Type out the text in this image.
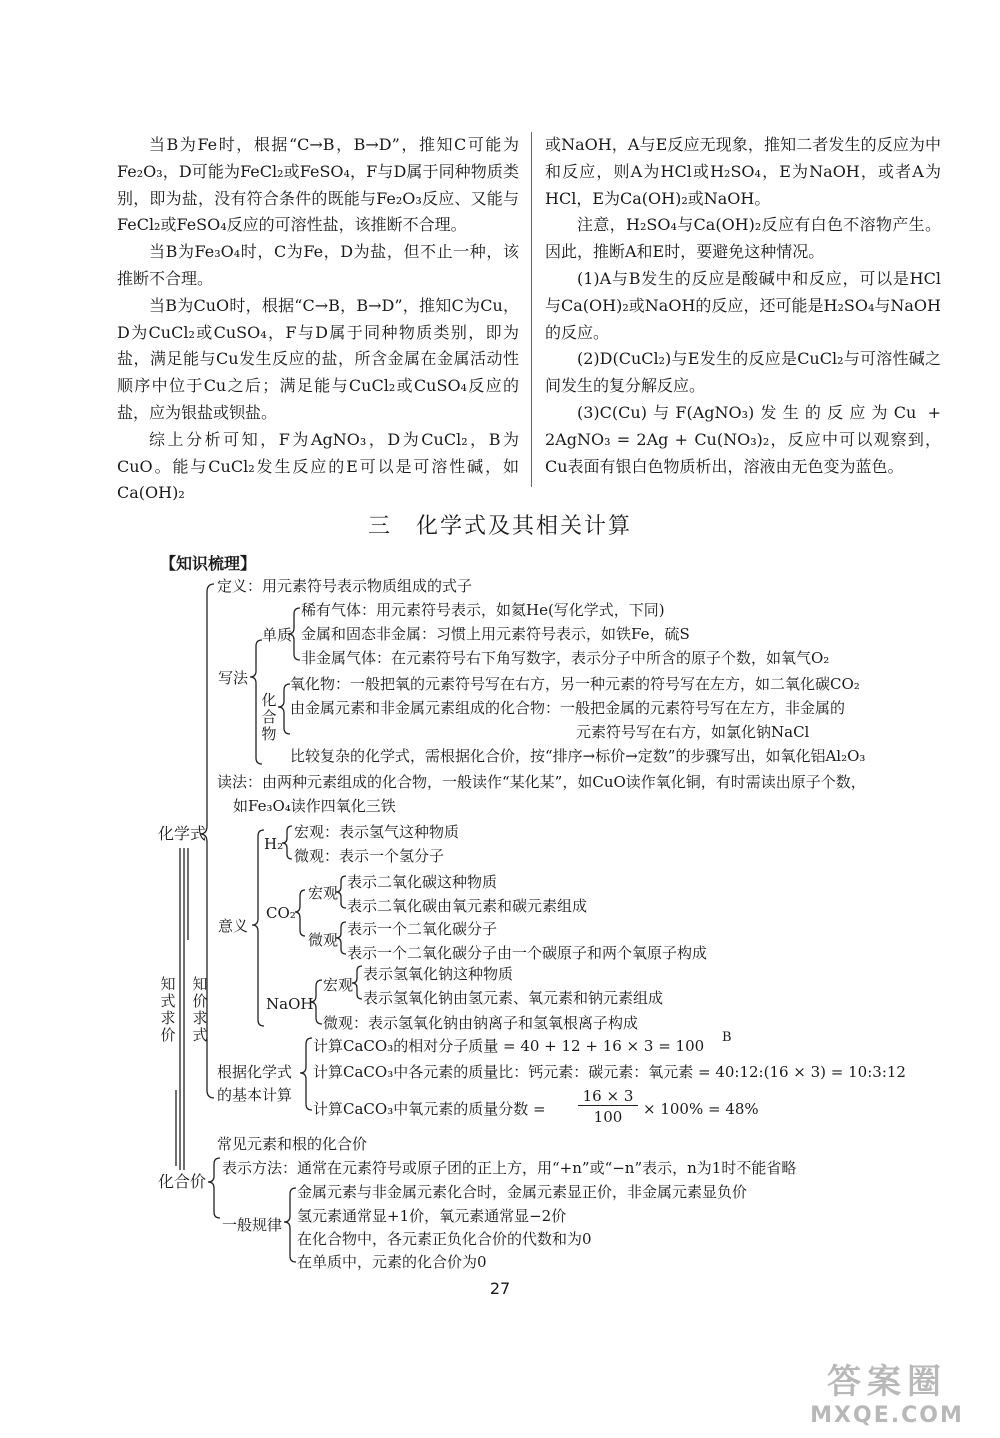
当B为Fe时，根据“C→B，B→D”，推知C可能为Fe₂O₃，D可能为FeCl₂或FeSO₄，F与D属于同种物质类别，即为盐，没有符合条件的既能与Fe₂O₃反应、又能与FeCl₂或FeSO₄反应的可溶性盐，该推断不合理。

当B为Fe₃O₄时，C为Fe，D为盐，但不止一种，该推断不合理。

当B为CuO时，根据“C→B，B→D”，推知C为Cu，D为CuCl₂或CuSO₄，F与D属于同种物质类别，即为盐，满足能与Cu发生反应的盐，所含金属在金属活动性顺序中位于Cu之后；满足能与CuCl₂或CuSO₄反应的盐，应为银盐或钡盐。

综上分析可知，F为AgNO₃，D为CuCl₂，B为CuO。能与CuCl₂发生反应的E可以是可溶性碱，如Ca(OH)₂

或NaOH，A与E反应无现象，推知二者发生的反应为中和反应，则A为HCl或H₂SO₄，E为NaOH，或者A为HCl，E为Ca(OH)₂或NaOH。

注意，H₂SO₄与Ca(OH)₂反应有白色不溶物产生。因此，推断A和E时，要避免这种情况。

(1)A与B发生的反应是酸碱中和反应，可以是HCl与Ca(OH)₂或NaOH的反应，还可能是H₂SO₄与NaOH的反应。

(2)D(CuCl₂)与E发生的反应是CuCl₂与可溶性碱之间发生的复分解反应。

(3)C(Cu)与F(AgNO₃)发生的反应为Cu + 2AgNO₃ = 2Ag + Cu(NO₃)₂，反应中可以观察到，Cu表面有银白色物质析出，溶液由无色变为蓝色。

三　化学式及其相关计算
【知识梳理】
化学式
化合价
知
式
求
价
知
价
求
式
定义：用元素符号表示物质组成的式子
写法
单质
稀有气体：用元素符号表示，如氦He(写化学式，下同)
金属和固态非金属：习惯上用元素符号表示，如铁Fe，硫S
非金属气体：在元素符号右下角写数字，表示分子中所含的原子个数，如氧气O₂
化
合
物
氧化物：一般把氧的元素符号写在右方，另一种元素的符号写在左方，如二氧化碳CO₂
由金属元素和非金属元素组成的化合物：一般把金属的元素符号写在左方，非金属的
元素符号写在右方，如氯化钠NaCl
比较复杂的化学式，需根据化合价，按“排序→标价→定数”的步骤写出，如氧化铝Al₂O₃
读法：由两种元素组成的化合物，一般读作“某化某”，如CuO读作氧化铜，有时需读出原子个数，
如Fe₃O₄读作四氧化三铁
意义
H₂
宏观：表示氢气这种物质
微观：表示一个氢分子
CO₂
宏观
表示二氧化碳这种物质
表示二氧化碳由氧元素和碳元素组成
微观
表示一个二氧化碳分子
表示一个二氧化碳分子由一个碳原子和两个氧原子构成
NaOH
宏观
表示氢氧化钠这种物质
表示氢氧化钠由氢元素、氧元素和钠元素组成
微观：表示氢氧化钠由钠离子和氢氧根离子构成
B
根据化学式
的基本计算
计算CaCO₃的相对分子质量 = 40 + 12 + 16 × 3 = 100
计算CaCO₃中各元素的质量比：钙元素：碳元素：氧元素 = 40:12:(16 × 3) = 10:3:12
计算CaCO₃中氧元素的质量分数 =
16 × 3
100	× 100% = 48%
常见元素和根的化合价
表示方法：通常在元素符号或原子团的正上方，用“+n”或“−n”表示，n为1时不能省略
一般规律
金属元素与非金属元素化合时，金属元素显正价，非金属元素显负价
氢元素通常显+1价，氧元素通常显−2价
在化合物中，各元素正负化合价的代数和为0
在单质中，元素的化合价为0
27
答案圈
MXQE.COM
